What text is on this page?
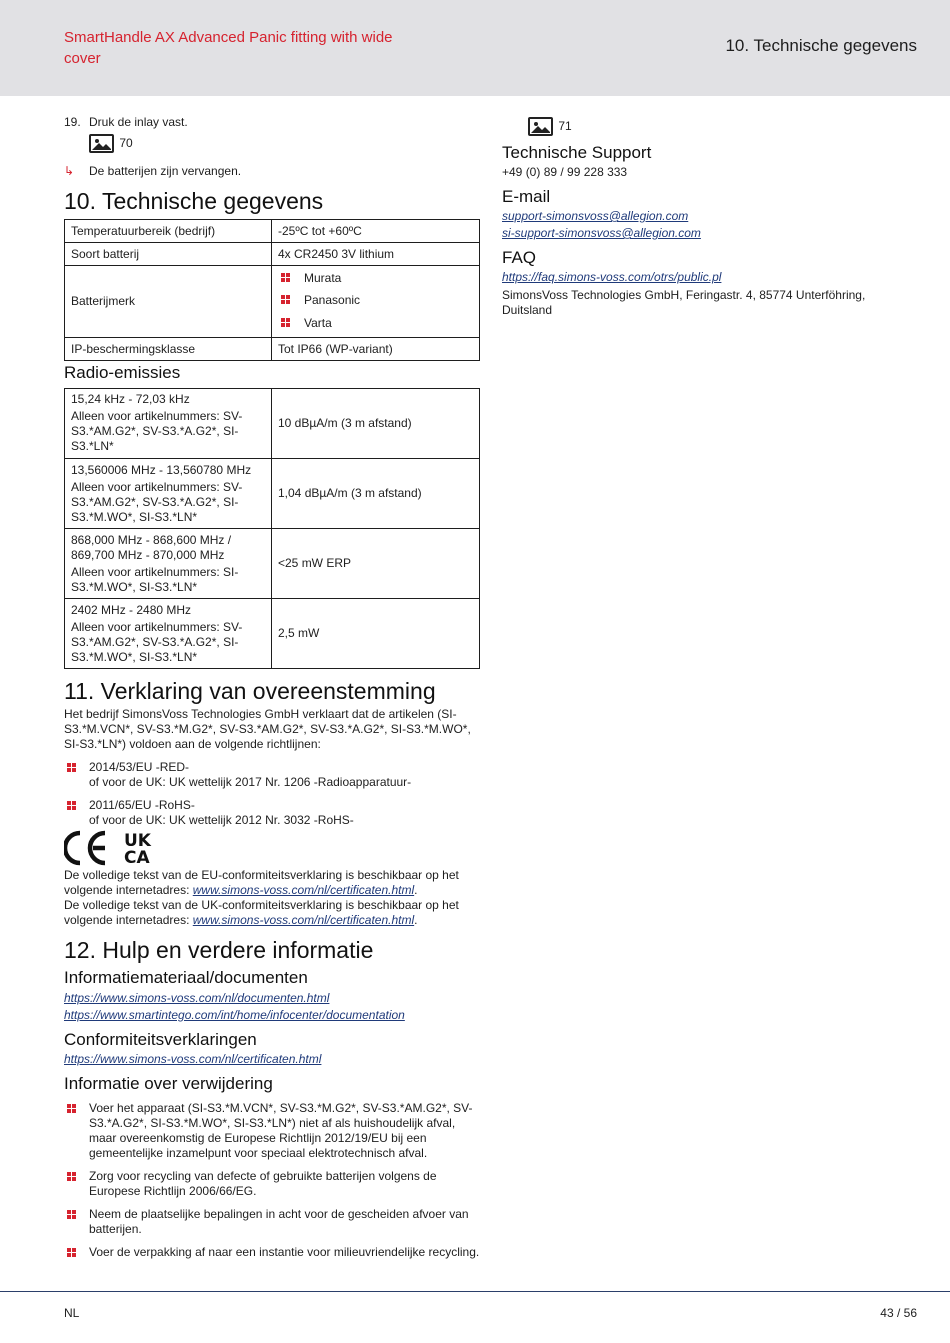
SmartHandle AX Advanced Panic fitting with wide cover
10. Technische gegevens
19. Druk de inlay vast.
70
↳ De batterijen zijn vervangen.
10. Technische gegevens
Temperatuurbereik (bedrijf)	-25ºC tot +60ºC
Soort batterij	4x CR2450 3V lithium
Batterijmerk	Murata
Panasonic
Varta

IP-beschermingsklasse	Tot IP66 (WP-variant)
Radio-emissies
15,24 kHz - 72,03 kHz
Alleen voor artikelnummers: SV-S3.*AM.G2*, SV-S3.*A.G2*, SI-S3.*LN*	10 dBµA/m (3 m afstand)

13,560006 MHz - 13,560780 MHz
Alleen voor artikelnummers: SV-S3.*AM.G2*, SV-S3.*A.G2*, SI-S3.*M.WO*, SI-S3.*LN*	1,04 dBµA/m (3 m afstand)

868,000 MHz - 868,600 MHz / 869,700 MHz - 870,000 MHz
Alleen voor artikelnummers: SI-S3.*M.WO*, SI-S3.*LN*	<25 mW ERP

2402 MHz - 2480 MHz
Alleen voor artikelnummers: SV-S3.*AM.G2*, SV-S3.*A.G2*, SI-S3.*M.WO*, SI-S3.*LN*	2,5 mW
11. Verklaring van overeenstemming
Het bedrijf SimonsVoss Technologies GmbH verklaart dat de artikelen (SI-S3.*M.VCN*, SV-S3.*M.G2*, SV-S3.*AM.G2*, SV-S3.*A.G2*, SI-S3.*M.WO*, SI-S3.*LN*) voldoen aan de volgende richtlijnen:
2014/53/EU -RED-
of voor de UK: UK wettelijk 2017 Nr. 1206 -Radioapparatuur-
2011/65/EU -RoHS-
of voor de UK: UK wettelijk 2012 Nr. 3032 -RoHS-
UK
CA
De volledige tekst van de EU-conformiteitsverklaring is beschikbaar op het volgende internetadres: www.simons-voss.com/nl/certificaten.html.
De volledige tekst van de UK-conformiteitsverklaring is beschikbaar op het volgende internetadres: www.simons-voss.com/nl/certificaten.html.
12. Hulp en verdere informatie
Informatiemateriaal/documenten
https://www.simons-voss.com/nl/documenten.html
https://www.smartintego.com/int/home/infocenter/documentation
Conformiteitsverklaringen
https://www.simons-voss.com/nl/certificaten.html
Informatie over verwijdering
Voer het apparaat (SI-S3.*M.VCN*, SV-S3.*M.G2*, SV-S3.*AM.G2*, SV-S3.*A.G2*, SI-S3.*M.WO*, SI-S3.*LN*) niet af als huishoudelijk afval, maar overeenkomstig de Europese Richtlijn 2012/19/EU bij een gemeentelijke inzamelpunt voor speciaal elektrotechnisch afval.
Zorg voor recycling van defecte of gebruikte batterijen volgens de Europese Richtlijn 2006/66/EG.
Neem de plaatselijke bepalingen in acht voor de gescheiden afvoer van batterijen.
Voer de verpakking af naar een instantie voor milieuvriendelijke recycling.
71
Technische Support
+49 (0) 89 / 99 228 333
E-mail
support-simonsvoss@allegion.com
si-support-simonsvoss@allegion.com
FAQ
https://faq.simons-voss.com/otrs/public.pl
SimonsVoss Technologies GmbH, Feringastr. 4, 85774 Unterföhring, Duitsland
NL	43 / 56
